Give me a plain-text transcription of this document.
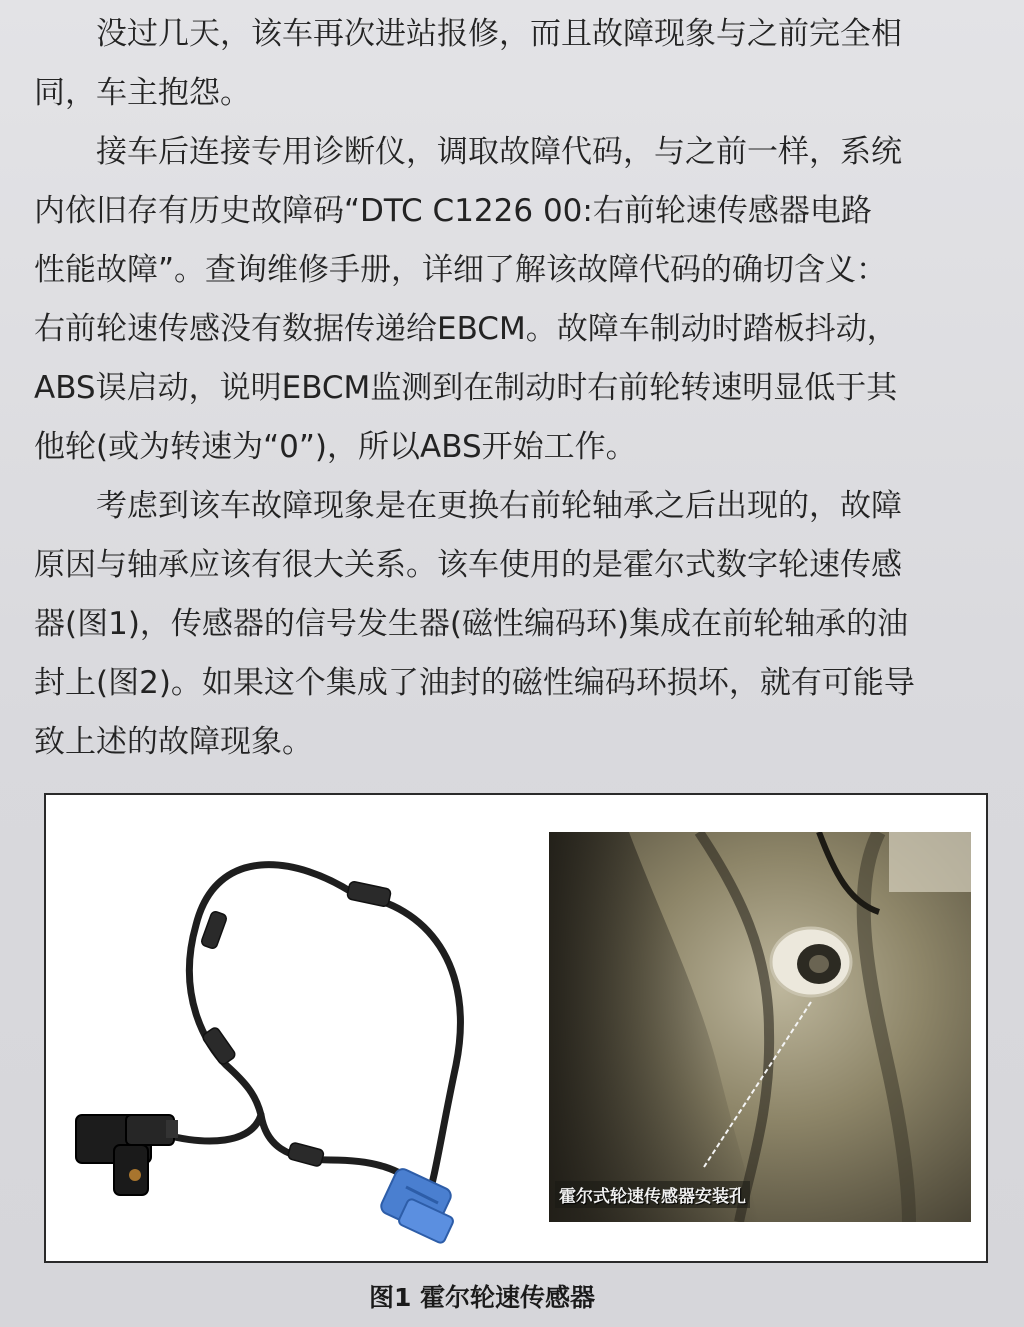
　　没过几天，该车再次进站报修，而且故障现象与之前完全相
同，车主抱怨。
　　接车后连接专用诊断仪，调取故障代码，与之前一样，系统
内依旧存有历史故障码“DTC C1226 00:右前轮速传感器电路
性能故障”。查询维修手册，详细了解该故障代码的确切含义：
右前轮速传感没有数据传递给EBCM。故障车制动时踏板抖动，
ABS误启动，说明EBCM监测到在制动时右前轮转速明显低于其
他轮(或为转速为“0”)，所以ABS开始工作。
　　考虑到该车故障现象是在更换右前轮轴承之后出现的，故障
原因与轴承应该有很大关系。该车使用的是霍尔式数字轮速传感
器(图1)，传感器的信号发生器(磁性编码环)集成在前轮轴承的油
封上(图2)。如果这个集成了油封的磁性编码环损坏，就有可能导
致上述的故障现象。
霍尔式轮速传感器安装孔
图1 霍尔轮速传感器
